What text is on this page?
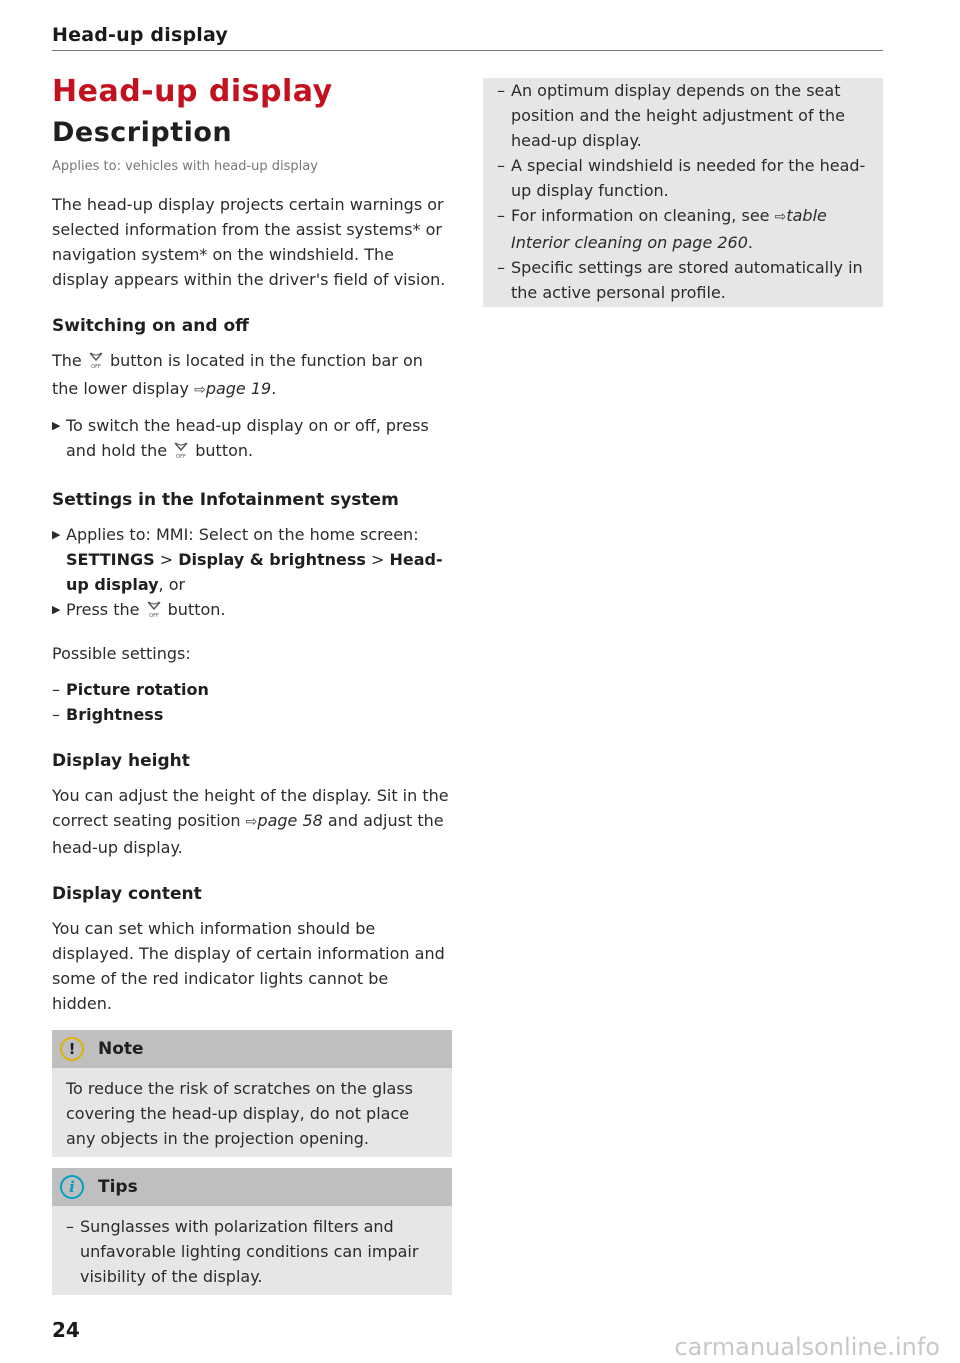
Head-up display
Head-up display
Description
Applies to: vehicles with head-up display

The head-up display projects certain warnings or selected information from the assist systems* or navigation system* on the windshield. The display appears within the driver's field of vision.

Switching on and off

The OFF button is located in the function bar on the lower display ⇨page 19.

▶ To switch the head-up display on or off, press and hold the OFF button.
Settings in the Infotainment system
▶ Applies to: MMI: Select on the home screen: SETTINGS > Display & brightness > Head-up display, or
▶ Press the OFF button.

Possible settings:

– Picture rotation
– Brightness
Display height

You can adjust the height of the display. Sit in the correct seating position ⇨page 58 and adjust the head-up display.

Display content

You can set which information should be displayed. The display of certain information and some of the red indicator lights cannot be hidden.

!	Note
To reduce the risk of scratches on the glass covering the head-up display, do not place any objects in the projection opening.
i	Tips
– Sunglasses with polarization filters and unfavorable lighting conditions can impair visibility of the display.
– An optimum display depends on the seat position and the height adjustment of the head-up display.
– A special windshield is needed for the head-up display function.
– For information on cleaning, see ⇨table Interior cleaning on page 260.
– Specific settings are stored automatically in the active personal profile.
24
carmanualsonline.info
